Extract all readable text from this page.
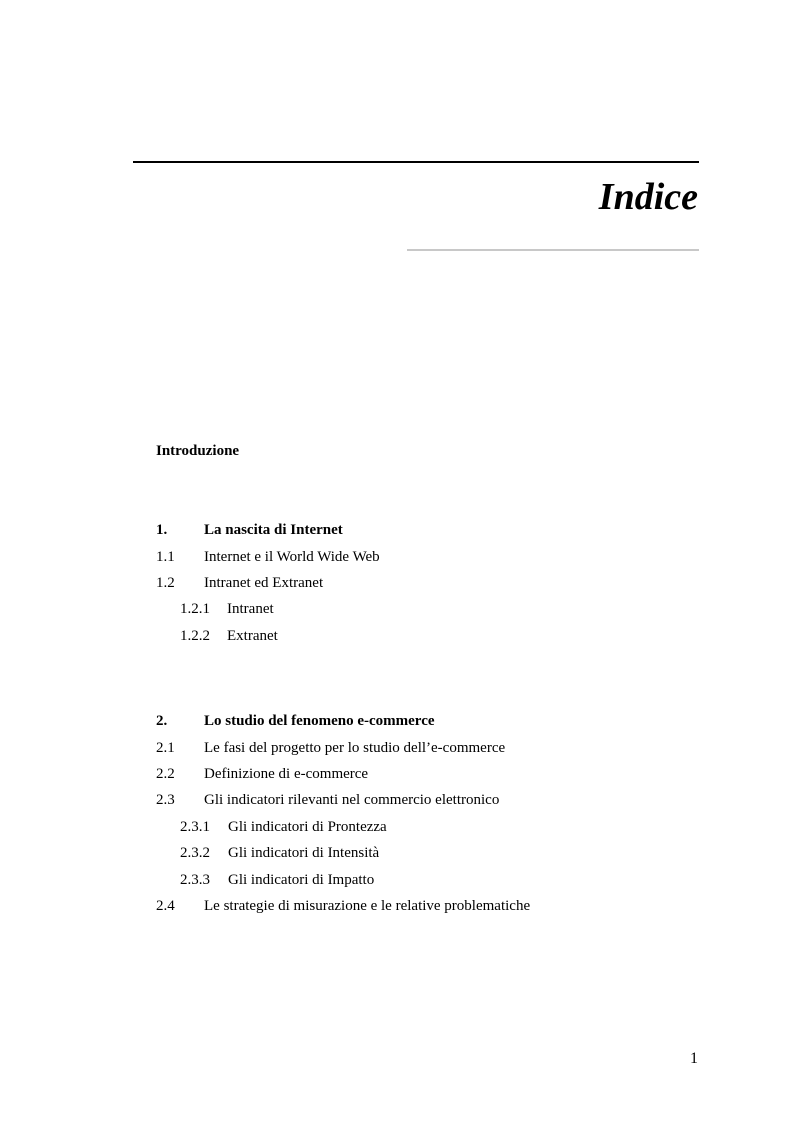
Indice
Introduzione
1. La nascita di Internet
1.1 Internet e il World Wide Web
1.2 Intranet ed Extranet
1.2.1 Intranet
1.2.2 Extranet
2. Lo studio del fenomeno e-commerce
2.1 Le fasi del progetto per lo studio dell’e-commerce
2.2 Definizione di e-commerce
2.3 Gli indicatori rilevanti nel commercio elettronico
2.3.1 Gli indicatori di Prontezza
2.3.2 Gli indicatori di Intensità
2.3.3 Gli indicatori di Impatto
2.4 Le strategie di misurazione e le relative problematiche
1
